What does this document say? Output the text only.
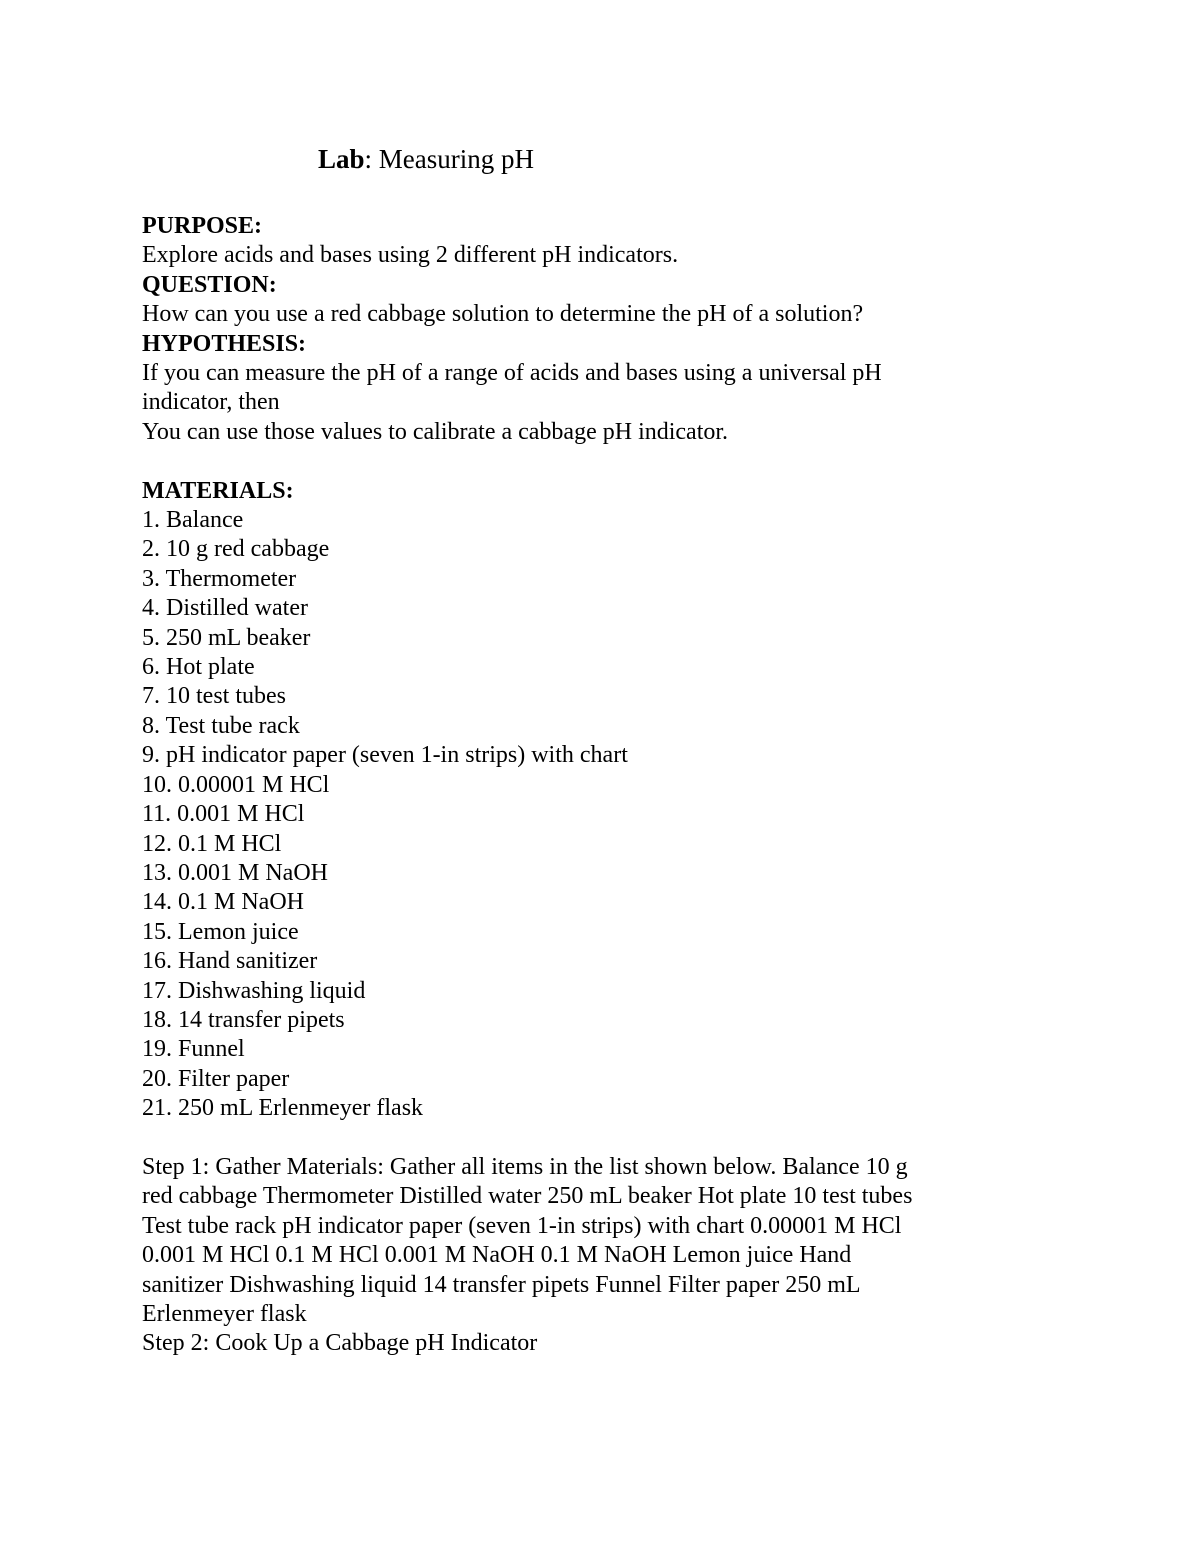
Lab: Measuring pH
PURPOSE:
Explore acids and bases using 2 different pH indicators.
QUESTION:
How can you use a red cabbage solution to determine the pH of a solution?
HYPOTHESIS:
If you can measure the pH of a range of acids and bases using a universal pH
indicator, then
You can use those values to calibrate a cabbage pH indicator.
MATERIALS:
1. Balance
2. 10 g red cabbage
3. Thermometer
4. Distilled water
5. 250 mL beaker
6. Hot plate
7. 10 test tubes
8. Test tube rack
9. pH indicator paper (seven 1-in strips) with chart
10. 0.00001 M HCl
11. 0.001 M HCl
12. 0.1 M HCl
13. 0.001 M NaOH
14. 0.1 M NaOH
15. Lemon juice
16. Hand sanitizer
17. Dishwashing liquid
18. 14 transfer pipets
19. Funnel
20. Filter paper
21. 250 mL Erlenmeyer flask
Step 1: Gather Materials: Gather all items in the list shown below. Balance 10 g
red cabbage Thermometer Distilled water 250 mL beaker Hot plate 10 test tubes
Test tube rack pH indicator paper (seven 1-in strips) with chart 0.00001 M HCl
0.001 M HCl 0.1 M HCl 0.001 M NaOH 0.1 M NaOH Lemon juice Hand
sanitizer Dishwashing liquid 14 transfer pipets Funnel Filter paper 250 mL
Erlenmeyer flask
Step 2: Cook Up a Cabbage pH Indicator
